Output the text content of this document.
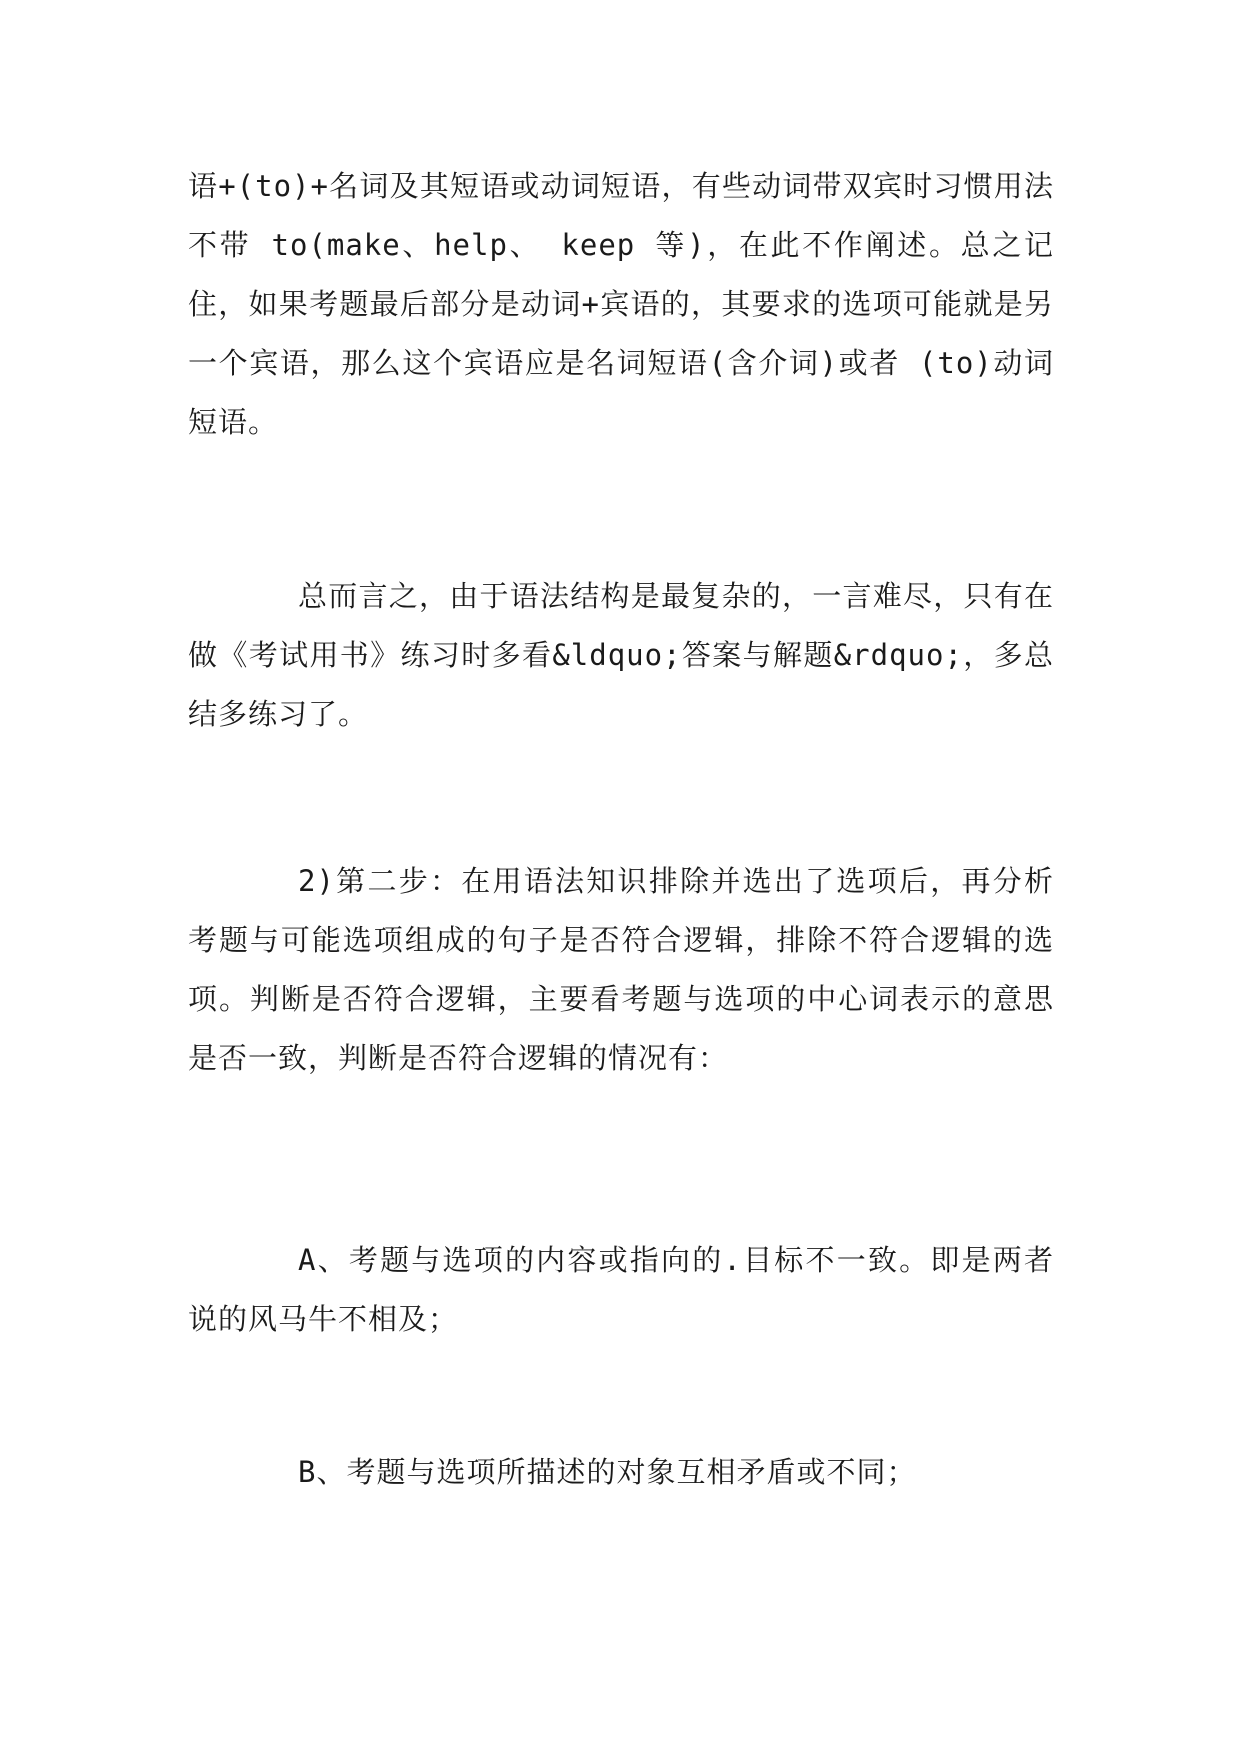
语+(to)+名词及其短语或动词短语，有些动词带双宾时习惯用法不带 to(make、help、 keep 等)，在此不作阐述。总之记住，如果考题最后部分是动词+宾语的，其要求的选项可能就是另一个宾语，那么这个宾语应是名词短语(含介词)或者 (to)动词短语。

总而言之，由于语法结构是最复杂的，一言难尽，只有在做《考试用书》练习时多看&ldquo;答案与解题&rdquo;，多总结多练习了。

2)第二步：在用语法知识排除并选出了选项后，再分析考题与可能选项组成的句子是否符合逻辑，排除不符合逻辑的选项。判断是否符合逻辑，主要看考题与选项的中心词表示的意思是否一致，判断是否符合逻辑的情况有：

A、考题与选项的内容或指向的.目标不一致。即是两者说的风马牛不相及；

B、考题与选项所描述的对象互相矛盾或不同；
